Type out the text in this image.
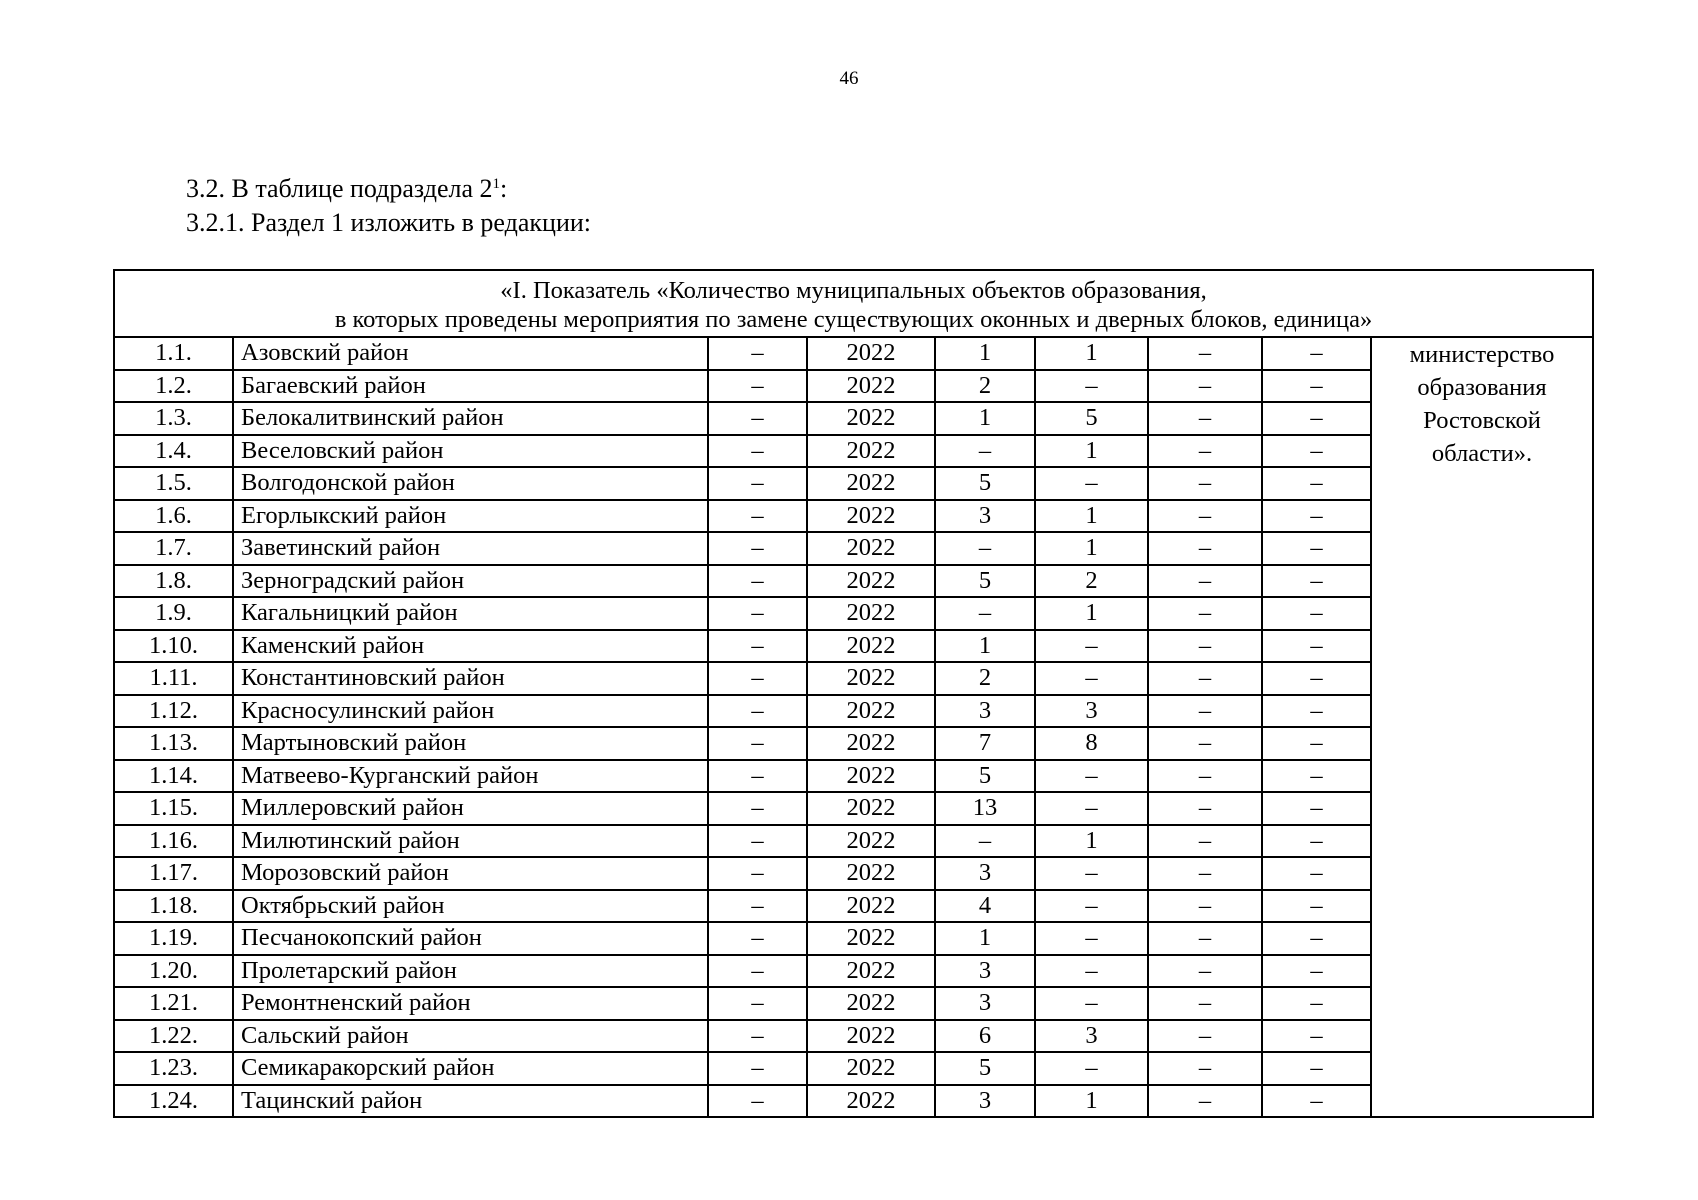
46

3.2. В таблице подраздела $2^1$:

3.2.1. Раздел 1 изложить в редакции:

«I. Показатель «Количество муниципальных объектов образования,
в которых проведены мероприятия по замене существующих оконных и дверных блоков, единица»								

1.1.	Азовский район	–	2022	1	1	–	–	министерство
образования
Ростовской
области».

1.2.	Багаевский район	–	2022	2	–	–	–	
1.3.	Белокалитвинский район	–	2022	1	5	–	–	
1.4.	Веселовский район	–	2022	–	1	–	–	
1.5.	Волгодонской район	–	2022	5	–	–	–	
1.6.	Егорлыкский район	–	2022	3	1	–	–	
1.7.	Заветинский район	–	2022	–	1	–	–	
1.8.	Зерноградский район	–	2022	5	2	–	–	
1.9.	Кагальницкий район	–	2022	–	1	–	–	
1.10.	Каменский район	–	2022	1	–	–	–	
1.11.	Константиновский район	–	2022	2	–	–	–	
1.12.	Красносулинский район	–	2022	3	3	–	–	
1.13.	Мартыновский район	–	2022	7	8	–	–	
1.14.	Матвеево-Курганский район	–	2022	5	–	–	–	
1.15.	Миллеровский район	–	2022	13	–	–	–	
1.16.	Милютинский район	–	2022	–	1	–	–	
1.17.	Морозовский район	–	2022	3	–	–	–	
1.18.	Октябрьский район	–	2022	4	–	–	–	
1.19.	Песчанокопский район	–	2022	1	–	–	–	
1.20.	Пролетарский район	–	2022	3	–	–	–	
1.21.	Ремонтненский район	–	2022	3	–	–	–	
1.22.	Сальский район	–	2022	6	3	–	–	
1.23.	Семикаракорский район	–	2022	5	–	–	–	
1.24.	Тацинский район	–	2022	3	1	–	–	
